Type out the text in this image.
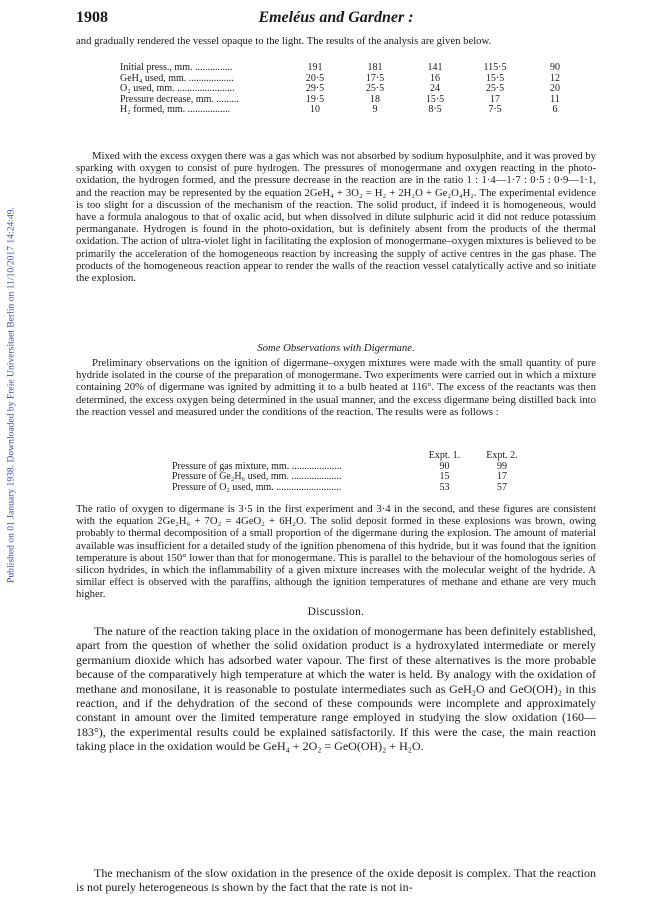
Published on 01 January 1938. Downloaded by Freie Universitaet Berlin on 11/10/2017 14:24:49.
1908	Emeléus and Gardner :

and gradually rendered the vessel opaque to the light. The results of the analysis are given below.

Initial press., mm. ...............	191	181	141	115·5	90
GeH₄ used, mm. ..................	20·5	17·5	16	15·5	12
O₂ used, mm. .......................	29·5	25·5	24	25·5	20
Pressure decrease, mm. .........	19·5	18	15·5	17	11
H₂ formed, mm. .................	10	9	8·5	7·5	6

Mixed with the excess oxygen there was a gas which was not absorbed by sodium hyposulphite, and it was proved by sparking with oxygen to consist of pure hydrogen. The pressures of monogermane and oxygen reacting in the photo-oxidation, the hydrogen formed, and the pressure decrease in the reaction are in the ratio 1 : 1·4—1·7 : 0·5 : 0·9—1·1, and the reaction may be represented by the equation 2GeH₄ + 3O₂ = H₂ + 2H₂O + Ge₂O₄H₂. The experimental evidence is too slight for a discussion of the mechanism of the reaction. The solid product, if indeed it is homogeneous, would have a formula analogous to that of oxalic acid, but when dissolved in dilute sulphuric acid it did not reduce potassium permanganate. Hydrogen is found in the photo-oxidation, but is definitely absent from the products of the thermal oxidation. The action of ultra-violet light in facilitating the explosion of monogermane–oxygen mixtures is believed to be primarily the acceleration of the homogeneous reaction by increasing the supply of active centres in the gas phase. The products of the homogeneous reaction appear to render the walls of the reaction vessel catalytically active and so initiate the explosion.

Some Observations with Digermane.

Preliminary observations on the ignition of digermane–oxygen mixtures were made with the small quantity of pure hydride isolated in the course of the preparation of monogermane. Two experiments were carried out in which a mixture containing 20% of digermane was ignited by admitting it to a bulb heated at 116°. The excess of the reactants was then determined, the excess oxygen being determined in the usual manner, and the excess digermane being distilled back into the reaction vessel and measured under the conditions of the reaction. The results were as follows :

	Expt. 1.	Expt. 2.
Pressure of gas mixture, mm. ....................	90	99
Pressure of Ge₂H₆ used, mm. ....................	15	17
Pressure of O₂ used, mm. ..........................	53	57

The ratio of oxygen to digermane is 3·5 in the first experiment and 3·4 in the second, and these figures are consistent with the equation 2Ge₂H₆ + 7O₂ = 4GeO₂ + 6H₂O. The solid deposit formed in these explosions was brown, owing probably to thermal decomposition of a small proportion of the digermane during the explosion. The amount of material available was insufficient for a detailed study of the ignition phenomena of this hydride, but it was found that the ignition temperature is about 150° lower than that for monogermane. This is parallel to the behaviour of the homologous series of silicon hydrides, in which the inflammability of a given mixture increases with the molecular weight of the hydride. A similar effect is observed with the paraffins, although the ignition temperatures of methane and ethane are very much higher.

Discussion.

The nature of the reaction taking place in the oxidation of monogermane has been definitely established, apart from the question of whether the solid oxidation product is a hydroxylated intermediate or merely germanium dioxide which has adsorbed water vapour. The first of these alternatives is the more probable because of the comparatively high temperature at which the water is held. By analogy with the oxidation of methane and monosilane, it is reasonable to postulate intermediates such as GeH₂O and GeO(OH)₂ in this reaction, and if the dehydration of the second of these compounds were incomplete and approximately constant in amount over the limited temperature range employed in studying the slow oxidation (160—183°), the experimental results could be explained satisfactorily. If this were the case, the main reaction taking place in the oxidation would be GeH₄ + 2O₂ = GeO(OH)₂ + H₂O.

The mechanism of the slow oxidation in the presence of the oxide deposit is complex. That the reaction is not purely heterogeneous is shown by the fact that the rate is not in-
